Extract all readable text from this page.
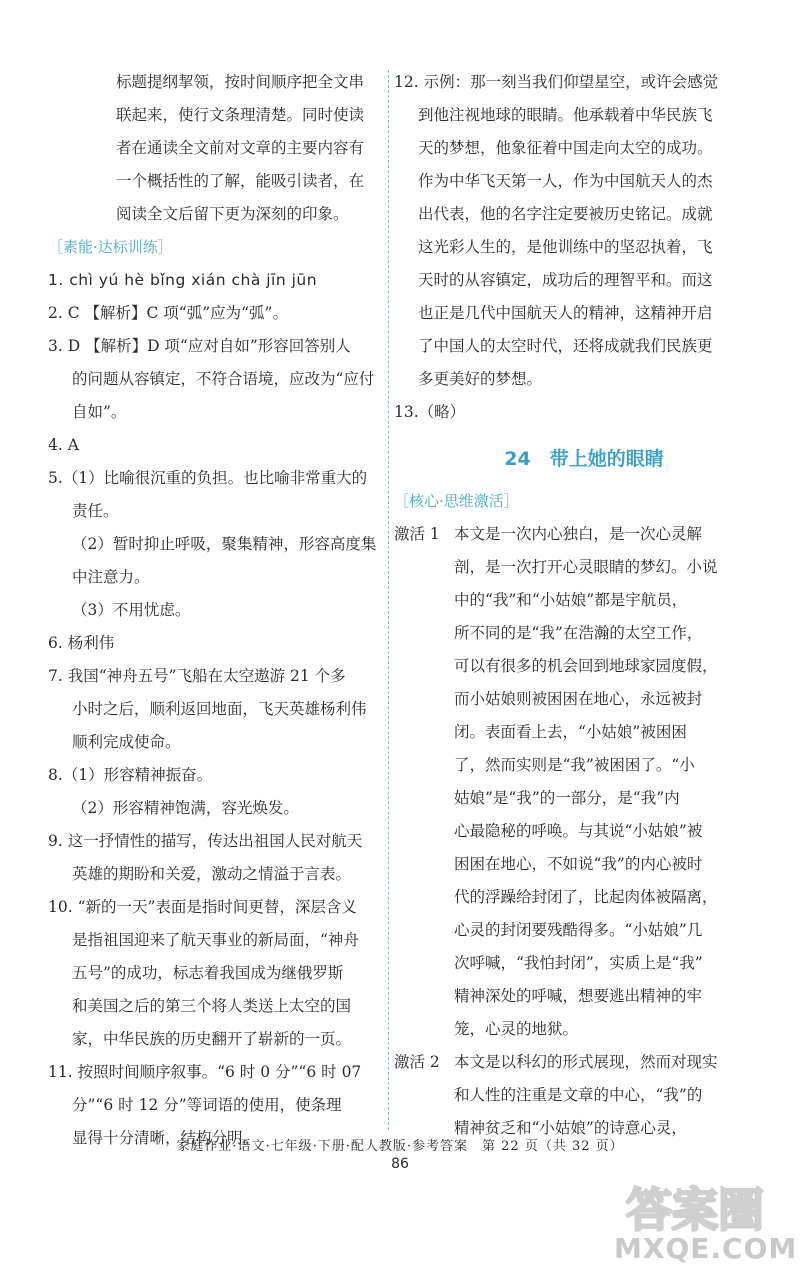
标题提纲挈领，按时间顺序把全文串
联起来，使行文条理清楚。同时使读
者在通读全文前对文章的主要内容有
一个概括性的了解，能吸引读者，在
阅读全文后留下更为深刻的印象。
［素能·达标训练］
1. chì yú hè bǐng xián chà jīn jūn
2. C 【解析】C 项“弧”应为“弧”。
3. D 【解析】D 项“应对自如”形容回答别人
的问题从容镇定，不符合语境，应改为“应付
自如”。
4. A
5.（1）比喻很沉重的负担。也比喻非常重大的
责任。
（2）暂时抑止呼吸，聚集精神，形容高度集
中注意力。
（3）不用忧虑。
6. 杨利伟
7. 我国“神舟五号”飞船在太空遨游 21 个多
小时之后，顺利返回地面，飞天英雄杨利伟
顺利完成使命。
8.（1）形容精神振奋。
（2）形容精神饱满，容光焕发。
9. 这一抒情性的描写，传达出祖国人民对航天
英雄的期盼和关爱，激动之情溢于言表。
10. “新的一天”表面是指时间更替，深层含义
是指祖国迎来了航天事业的新局面，“神舟
五号”的成功，标志着我国成为继俄罗斯
和美国之后的第三个将人类送上太空的国
家，中华民族的历史翻开了崭新的一页。
11. 按照时间顺序叙事。“6 时 0 分”“6 时 07
分”“6 时 12 分”等词语的使用，使条理
显得十分清晰，结构分明。
12. 示例：那一刻当我们仰望星空，或许会感觉
到他注视地球的眼睛。他承载着中华民族飞
天的梦想，他象征着中国走向太空的成功。
作为中华飞天第一人，作为中国航天人的杰
出代表，他的名字注定要被历史铭记。成就
这光彩人生的，是他训练中的坚忍执着，飞
天时的从容镇定，成功后的理智平和。而这
也正是几代中国航天人的精神，这精神开启
了中国人的太空时代，还将成就我们民族更
多更美好的梦想。
13.（略）
24　带上她的眼睛
［核心·思维激活］
激活 1 本文是一次内心独白，是一次心灵解
剖，是一次打开心灵眼睛的梦幻。小说
中的“我”和“小姑娘”都是宇航员，
所不同的是“我”在浩瀚的太空工作，
可以有很多的机会回到地球家园度假，
而小姑娘则被困困在地心，永远被封
闭。表面看上去，“小姑娘”被困困
了，然而实则是“我”被困困了。“小
姑娘”是“我”的一部分，是“我”内
心最隐秘的呼唤。与其说“小姑娘”被
困困在地心，不如说“我”的内心被时
代的浮躁给封闭了，比起肉体被隔离，
心灵的封闭要残酷得多。“小姑娘”几
次呼喊，“我怕封闭”，实质上是“我”
精神深处的呼喊，想要逃出精神的牢
笼，心灵的地狱。
激活 2 本文是以科幻的形式展现，然而对现实
和人性的注重是文章的中心，“我”的
精神贫乏和“小姑娘”的诗意心灵，
家庭作业·语文·七年级·下册·配人教版·参考答案　第 22 页（共 32 页）
86
答案圈
MXQE.COM
